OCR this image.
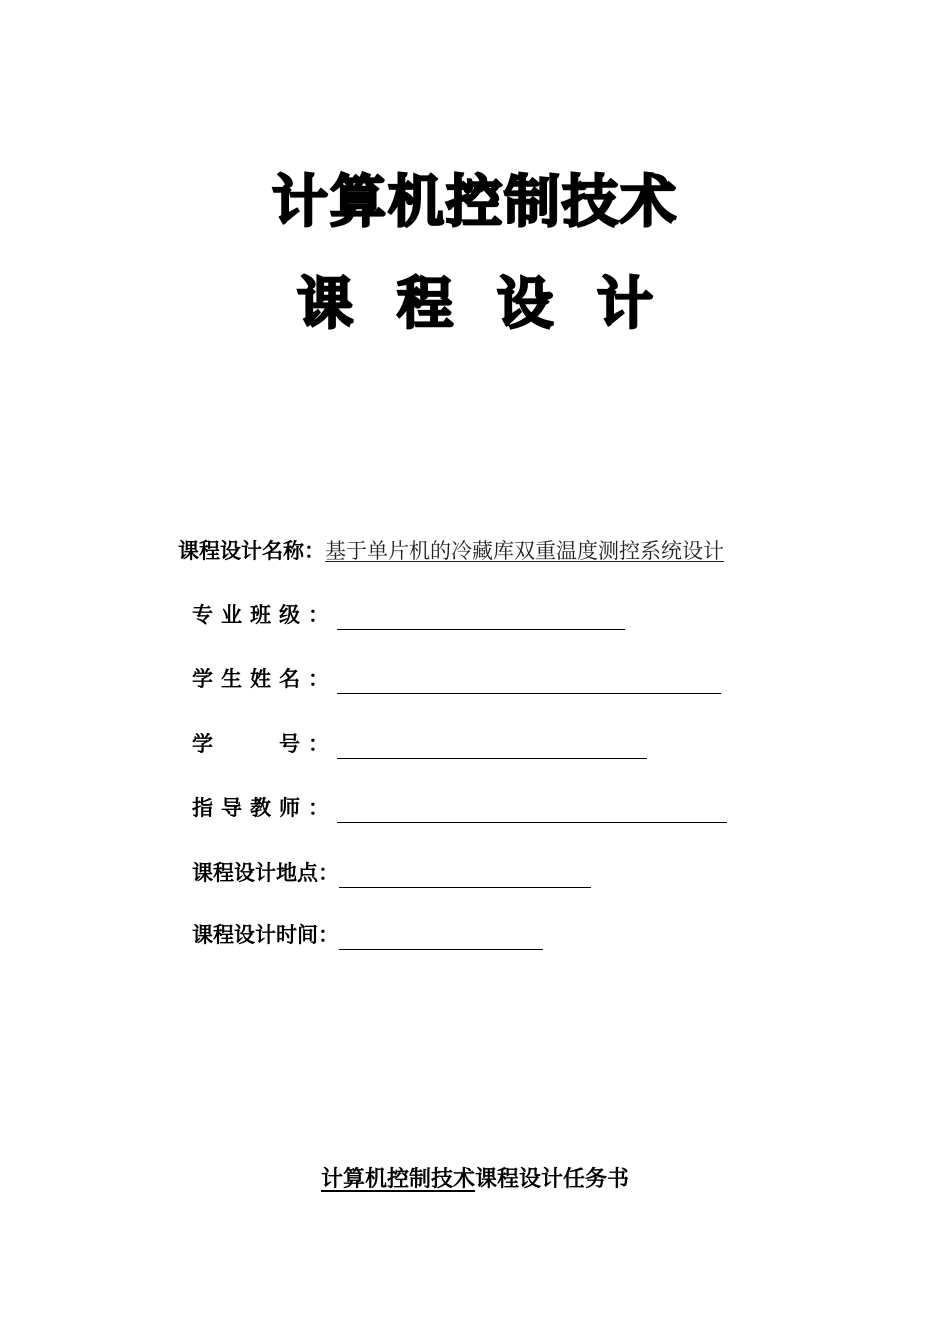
计算机控制技术
课 程 设 计
课程设计名称：基于单片机的冷藏库双重温度测控系统设计
专业班级：
学生姓名：
学　　号：
指导教师：
课程设计地点：
课程设计时间：
计算机控制技术课程设计任务书
